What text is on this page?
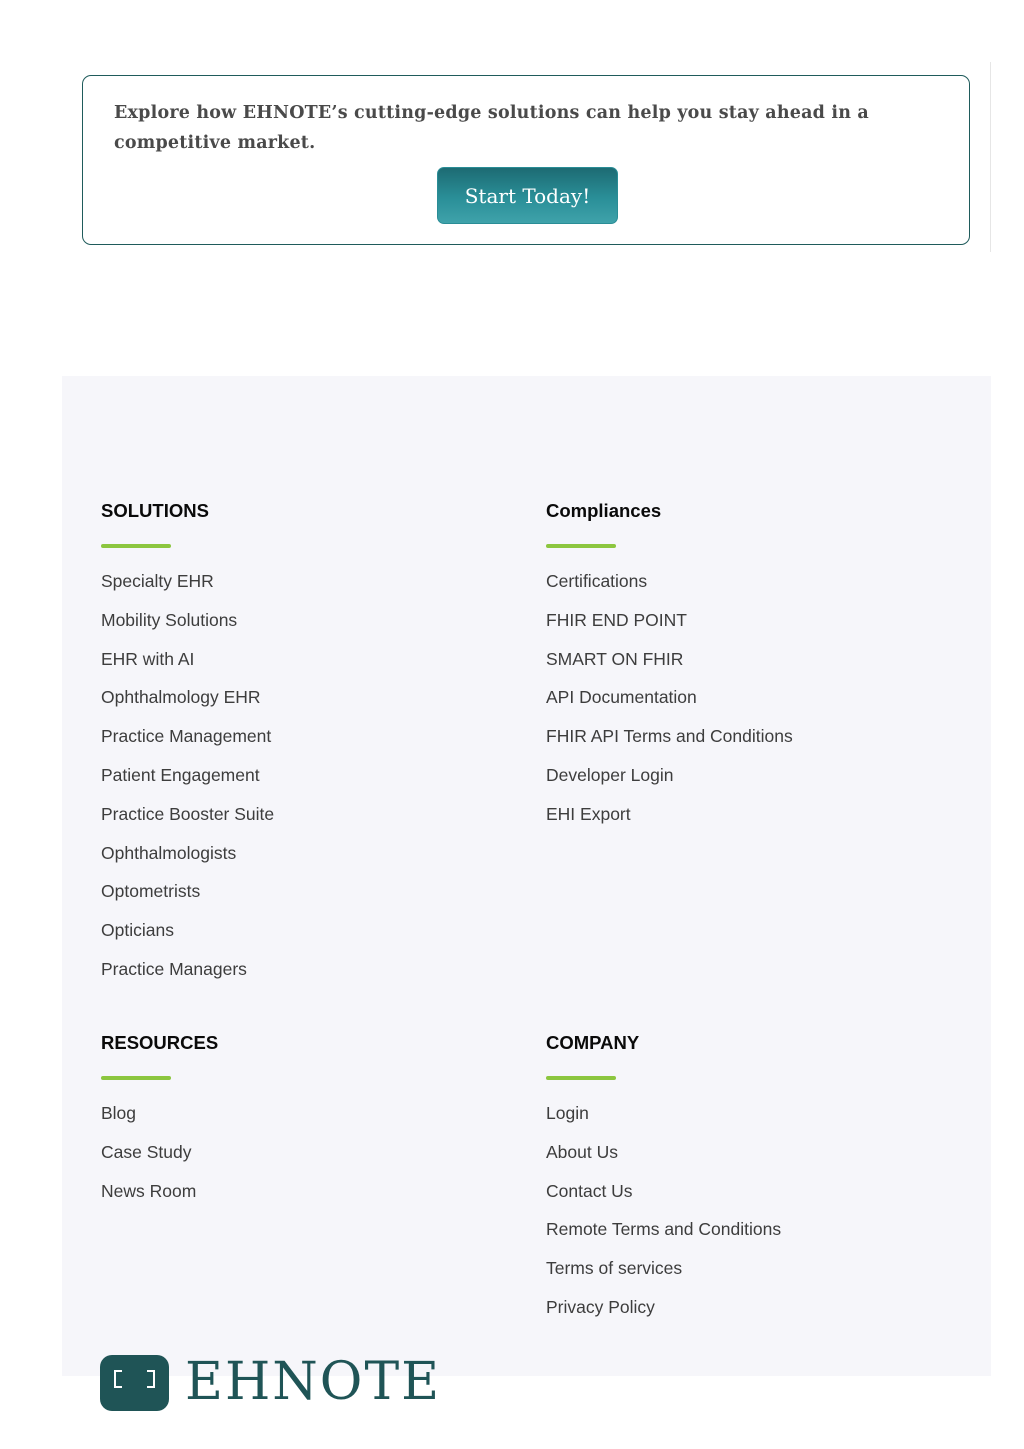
Explore how EHNOTE’s cutting-edge solutions can help you stay ahead in a competitive market.

Start Today!
SOLUTIONS
Specialty EHR
Mobility Solutions
EHR with AI
Ophthalmology EHR
Practice Management
Patient Engagement
Practice Booster Suite
Ophthalmologists
Optometrists
Opticians
Practice Managers
Compliances
Certifications
FHIR END POINT
SMART ON FHIR
API Documentation
FHIR API Terms and Conditions
Developer Login
EHI Export
RESOURCES
Blog
Case Study
News Room
COMPANY
Login
About Us
Contact Us
Remote Terms and Conditions
Terms of services
Privacy Policy
EHNOTE
